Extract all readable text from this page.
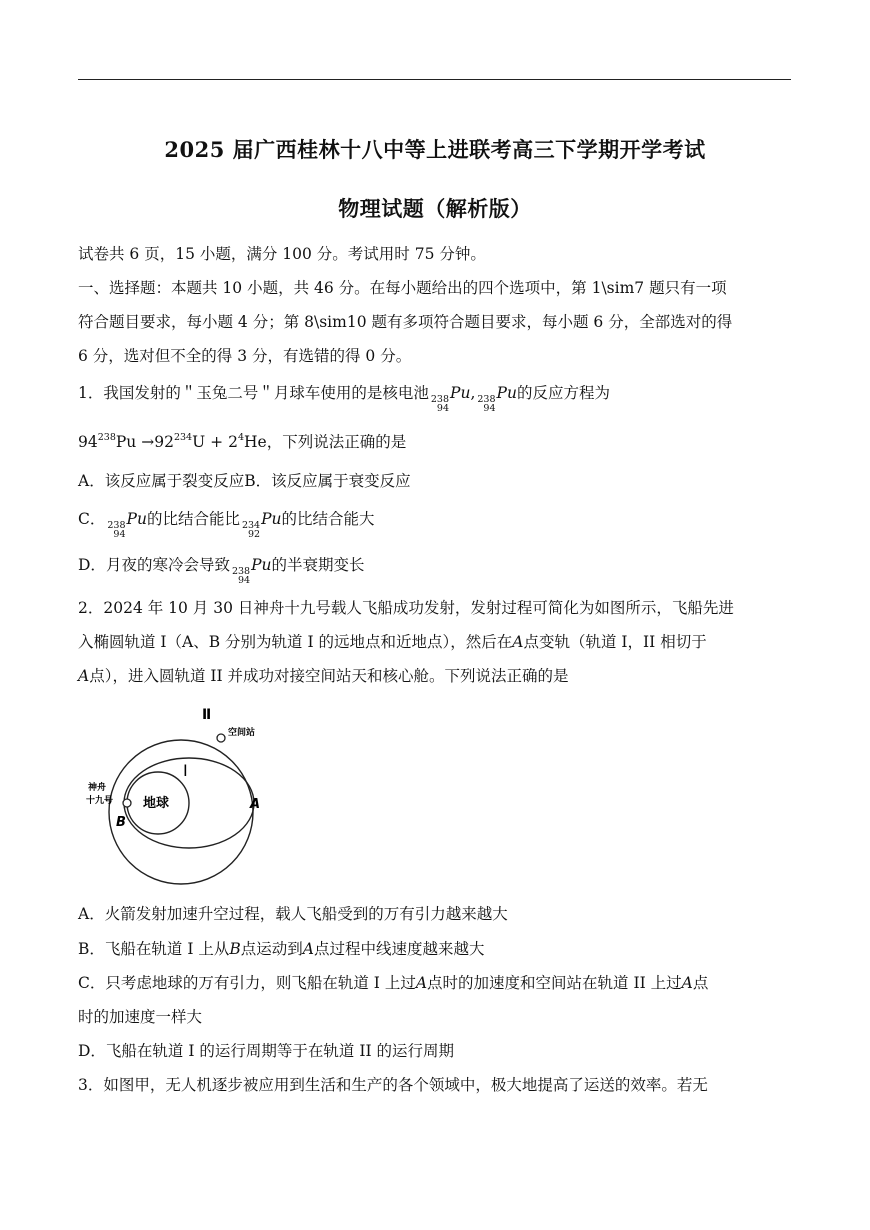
2025 届广西桂林十八中等上进联考高三下学期开学考试
物理试题（解析版）
试卷共 6 页，15 小题，满分 100 分。考试用时 75 分钟。
一、选择题：本题共 10 小题，共 46 分。在每小题给出的四个选项中，第 1\sim7 题只有一项
符合题目要求，每小题 4 分；第 8\sim10 题有多项符合题目要求，每小题 6 分，全部选对的得
6 分，选对但不全的得 3 分，有选错的得 0 分。
1．我国发射的＂玉兔二号＂月球车使用的是核电池 238
94
Pu, 238
94
Pu的反应方程为
$94^{238}Pu \to 92^{234}U + 2^4He$，下列说法正确的是
A．该反应属于裂变反应B．该反应属于衰变反应
C． 238
94
Pu的比结合能比 234
92
Pu的比结合能大
D．月夜的寒冷会导致 238
94
Pu的半衰期变长
2．2024 年 10 月 30 日神舟十九号载人飞船成功发射，发射过程可简化为如图所示，飞船先进
入椭圆轨道 I（A、B 分别为轨道 I 的远地点和近地点），然后在A点变轨（轨道 I，II 相切于
A点），进入圆轨道 II 并成功对接空间站天和核心舱。下列说法正确的是
Ⅱ
空间站
Ⅰ
地球
神舟
十九号
B
A
A．火箭发射加速升空过程，载人飞船受到的万有引力越来越大
B．飞船在轨道 I 上从B点运动到A点过程中线速度越来越大
C．只考虑地球的万有引力，则飞船在轨道 I 上过A点时的加速度和空间站在轨道 II 上过A点
时的加速度一样大
D．飞船在轨道 I 的运行周期等于在轨道 II 的运行周期
3．如图甲，无人机逐步被应用到生活和生产的各个领域中，极大地提高了运送的效率。若无
